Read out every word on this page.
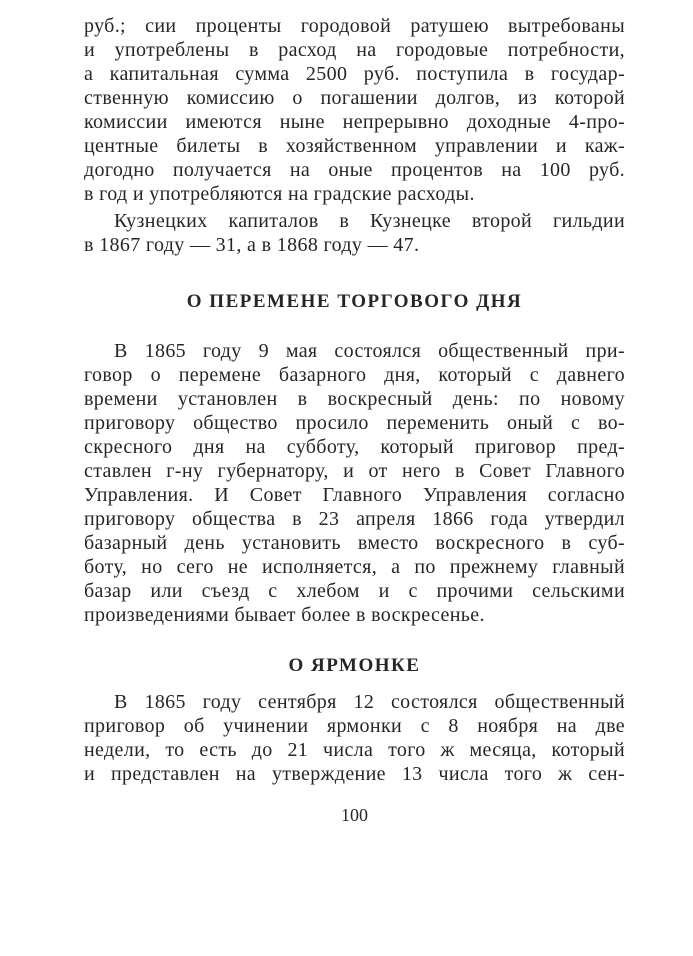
руб.; сии проценты городовой ратушею вытребованы
и употреблены в расход на городовые потребности,
а капитальная сумма 2500 руб. поступила в государ-
ственную комиссию о погашении долгов, из которой
комиссии имеются ныне непрерывно доходные 4-про-
центные билеты в хозяйственном управлении и каж-
догодно получается на оные процентов на 100 руб.
в год и употребляются на градские расходы.
Кузнецких капиталов в Кузнецке второй гильдии
в 1867 году — 31, а в 1868 году — 47.
О ПЕРЕМЕНЕ ТОРГОВОГО ДНЯ
В 1865 году 9 мая состоялся общественный при-
говор о перемене базарного дня, который с давнего
времени установлен в воскресный день: по новому
приговору общество просило переменить оный с во-
скресного дня на субботу, который приговор пред-
ставлен г-ну губернатору, и от него в Совет Главного
Управления. И Совет Главного Управления согласно
приговору общества в 23 апреля 1866 года утвердил
базарный день установить вместо воскресного в суб-
боту, но сего не исполняется, а по прежнему главный
базар или съезд с хлебом и с прочими сельскими
произведениями бывает более в воскресенье.
О ЯРМОНКЕ
В 1865 году сентября 12 состоялся общественный
приговор об учинении ярмонки с 8 ноября на две
недели, то есть до 21 числа того ж месяца, который
и представлен на утверждение 13 числа того ж сен-
100
